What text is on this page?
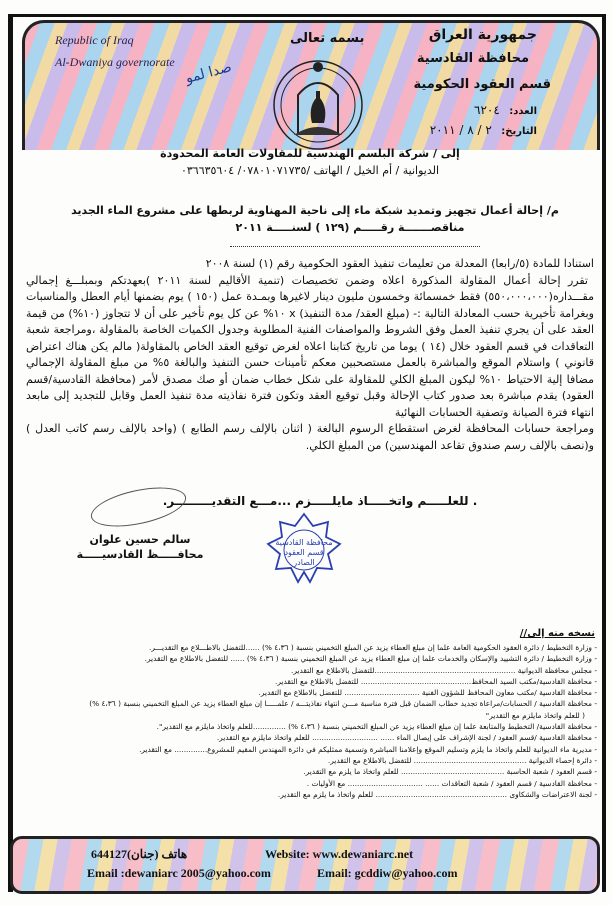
Republic of Iraq
Al-Dwaniya governorate صدا لمو
بسمه تعالى	جمهورية العراق
محافظة القادسية
قسم العقود الحكومية
العدد: ٦٢٠٤
التاريخ: ٢ / ٨ / ٢٠١١
إلى / شركة البلسم الهندسية للمقاولات العامة المحدودة
الديوانية / أم الخيل / الهاتف /٠٧٨٠١٠٧١٧٣٥/ ٠٣٦٦٣٥٦٠٤
م/ إحالة أعمال تجهيز وتمديد شبكة ماء إلى ناحية المهناوية لربطها على مشروع الماء الجديد
مناقصـــــــة رقـــــم (١٢٩ ) لسنـــــة ٢٠١١

استنادا للمادة (٥/رابعا) المعدلة من تعليمات تنفيذ العقود الحكومية رقم (١) لسنة ٢٠٠٨

تقرر إحالة أعمال المقاولة المذكورة اعلاه وضمن تخصيصات (تنمية الأقاليم لسنة ٢٠١١ )بعهدتكم وبمبلـــغ إجمالي مقـــدار‌ه(٥٥٠،٠٠٠،٠٠٠) فقط خمسمائة وخمسون مليون دينار لاغيرها وبمـدة عمل (١٥٠ ) يوم بضمنها أيام العطل والمناسبات وبغرامة تأخيرية حسب المعادلة التالية :- (مبلغ العقد/ مدة التنفيذ) x ١٠% عن كل يوم تأخير على أن لا تتجاوز (١٠%) من قيمة العقد على أن يجري تنفيذ العمل وفق الشروط والمواصفات الفنية المطلوبة وجدول الكميات الخاصة بالمقاولة ،ومراجعة شعبة التعاقدات في قسم العقود خلال (١٤ ) يوما من تاريخ كتابنا اعلاه لغرض توقيع العقد الخاص بالمقاولة( مالم يكن هناك اعتراض قانوني ) واستلام الموقع والمباشرة بالعمل مستصحبين معكم تأمينات حسن التنفيذ والبالغة ٥% من مبلغ المقاولة الإجمالي مضافا إلية الاحتياط ١٠% ليكون المبلغ الكلي للمقاولة على شكل خطاب ضمان أو صك مصدق لأمر (محافظة القادسية/قسم العقود) يقدم مباشرة بعد صدور كتاب الإحالة وقبل توقيع العقد وتكون فترة نفاذيته مدة تنفيذ العمل وقابل للتجديد إلى مابعد انتهاء فترة الصيانة وتصفية الحسابات النهائية

ومراجعة حسابات المحافظة لغرض استقطاع الرسوم البالغة ( اثنان بالإلف رسم الطابع ) (واحد بالإلف رسم كاتب العدل ) و(نصف بالإلف رسم صندوق تقاعد المهندسين) من المبلغ الكلي.

. للعلـــــم واتخـــــاذ مايلـــــزم ...مـــع التقديـــــــــر.
سالم حسين علوان
محافـــــظ القادسيـــــة
محافظة القادسية
قسم العقود
الصادر
نسخه منه إلى//
- وزارة التخطيط / دائرة العقود الحكومية العامة علما إن مبلغ العطاء يزيد عن المبلغ التخميني بنسبة ( ٤،٣٦ %) ......للتفضل بالاطـــلاع مع التقديـــر.
- وزارة التخطيط / دائرة التشييد والإسكان والخدمات علما إن مبلغ العطاء يزيد عن المبلغ التخميني بنسبة ( ٤،٣٦ %) ...... للتفضل بالاطلاع مع التقدير.
- مجلس محافظة الديوانية ............................................................للتفضل بالاطلاع مع التقدير.
- محافظة القادسية/مكتب السيد المحافظ............................................... للتفضل بالاطلاع مع التقدير.
- محافظة القادسية /مكتب معاون المحافظ للشؤون الفنية ................................ للتفضل بالاطلاع مع التقدير.
- محافظة القادسية / الحسابات/مراعاة تجديد خطاب الضمان قبل فترة مناسبة مـــن انتهاء نفاذيتـــه / علمـــــا إن مبلغ العطاء يزيد عن المبلغ التخميني بنسبة ( ٤،٣٦ %)
( للعلم واتخاذ مايلزم مع التقدير"
- محافظة القادسية/ التخطيط والمتابعة علما إن مبلغ العطاء يزيد عن المبلغ التخميني بنسبة ( ٤،٣٦ %) ..............للعلم واتخاذ مايلزم مع التقدير".
- محافظة القادسية /قسم العقود / لجنة الإشراف على إيصال الماء ...... ............................ للعلم واتخاذ مايلزم مع التقدير.
- مديرية ماء الديوانية للعلم واتخاذ ما يلزم وتسليم الموقع وإعلامنا المباشرة وتسمية ممثليكم في دائرة المهندس المقيم للمشروع.............. مع التقدير.
- دائرة إحصاء الديوانية ................................................ للتفضل بالاطلاع مع التقدير.
- قسم العقود / شعبة الحاسبة ............................................ للعلم واتخاذ ما يلزم مع التقدير.
- محافظة القادسية / قسم العقود / شعبة التعاقدات ...... ................................ مع الأوليات .
- لجنة الاعتراضات والشكاوى ........................................................ للعلم واتخاذ ما يلزم مع التقدير.
644127هاتف (جنان)	Website: www.dewaniarc.net
Email :dewaniarc 2005@yahoo.com	Email: gcddiw@yahoo.com
